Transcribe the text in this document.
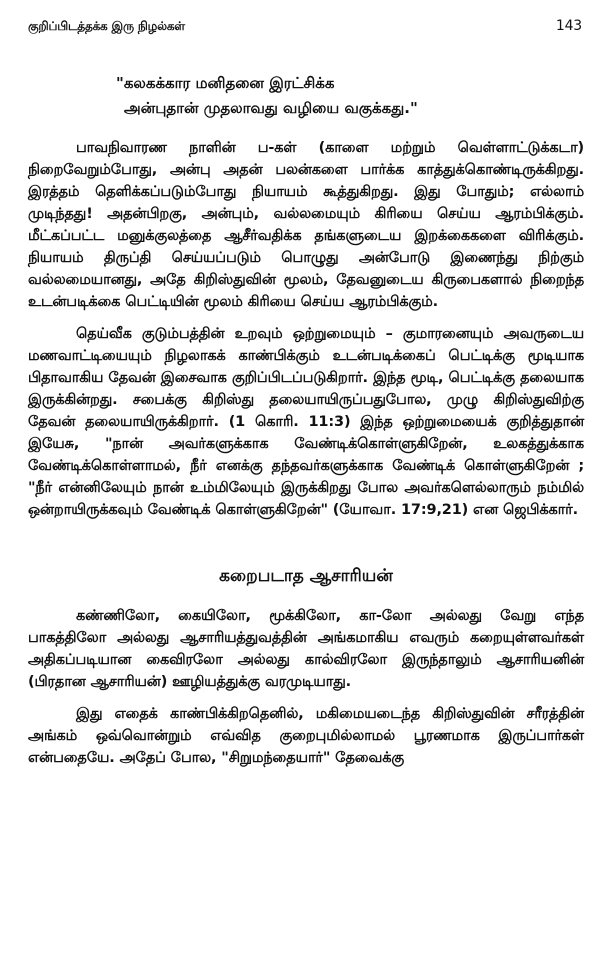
குறிப்பிடத்தக்க இரு நிழல்கள்	143
"கலகக்கார மனிதனை இரட்சிக்க
அன்புதான் முதலாவது வழியை வகுக்கது."

பாவநிவாரண நாளின் ப-கள் (காளை மற்றும் வெள்ளாட்டுக்கடா) நிறைவேறும்போது, அன்பு அதன் பலன்களை பார்க்க காத்துக்கொண்டிருக்கிறது. இரத்தம் தெளிக்கப்படும்போது நியாயம் கூத்துகிறது. இது போதும்; எல்லாம் முடிந்தது! அதன்பிறகு, அன்பும், வல்லமையும் கிரியை செய்ய ஆரம்பிக்கும். மீட்கப்பட்ட மனுக்குலத்தை ஆசீர்வதிக்க தங்களுடைய இறக்கைகளை விரிக்கும். நியாயம் திருப்தி செய்யப்படும் பொழுது அன்போடு இணைந்து நிற்கும் வல்லமையானது, அதே கிறிஸ்துவின் மூலம், தேவனுடைய கிருபைகளால் நிறைந்த உடன்படிக்கை பெட்டியின் மூலம் கிரியை செய்ய ஆரம்பிக்கும்.

தெய்வீக குடும்பத்தின் உறவும் ஒற்றுமையும் – குமாரனையும் அவருடைய மணவாட்டியையும் நிழலாகக் காண்பிக்கும் உடன்படிக்கைப் பெட்டிக்கு மூடியாக பிதாவாகிய தேவன் இசைவாக குறிப்பிடப்படுகிறார். இந்த மூடி, பெட்டிக்கு தலையாக இருக்கின்றது. சபைக்கு கிறிஸ்து தலையாயிருப்பதுபோல, முழு கிறிஸ்துவிற்கு தேவன் தலையாயிருக்கிறார். (1 கொரி. 11:3) இந்த ஒற்றுமையைக் குறித்துதான் இயேசு, "நான் அவர்களுக்காக வேண்டிக்கொள்ளுகிறேன், உலகத்துக்காக வேண்டிக்கொள்ளாமல், நீர் எனக்கு தந்தவர்களுக்காக வேண்டிக் கொள்ளுகிறேன் ; "நீர் என்னிலேயும் நான் உம்மிலேயும் இருக்கிறது போல அவர்களெல்லாரும் நம்மில் ஒன்றாயிருக்கவும் வேண்டிக் கொள்ளுகிறேன்" (யோவா. 17:9,21) என ஜெபிக்கார்.

கறைபடாத ஆசாரியன்

கண்ணிலோ, கையிலோ, மூக்கிலோ, கா-லோ அல்லது வேறு எந்த பாகத்திலோ அல்லது ஆசாரியத்துவத்தின் அங்கமாகிய எவரும் கறையுள்ளவர்கள் அதிகப்படியான கைவிரலோ அல்லது கால்விரலோ இருந்தாலும் ஆசாரியனின் (பிரதான ஆசாரியன்) ஊழியத்துக்கு வரமுடியாது.

இது எதைக் காண்பிக்கிறதெனில், மகிமையடைந்த கிறிஸ்துவின் சரீரத்தின் அங்கம் ஒவ்வொன்றும் எவ்வித குறைபுமில்லாமல் பூரணமாக இருப்பார்கள் என்பதையே. அதேப் போல, "சிறுமந்தையார்" தேவைக்கு
